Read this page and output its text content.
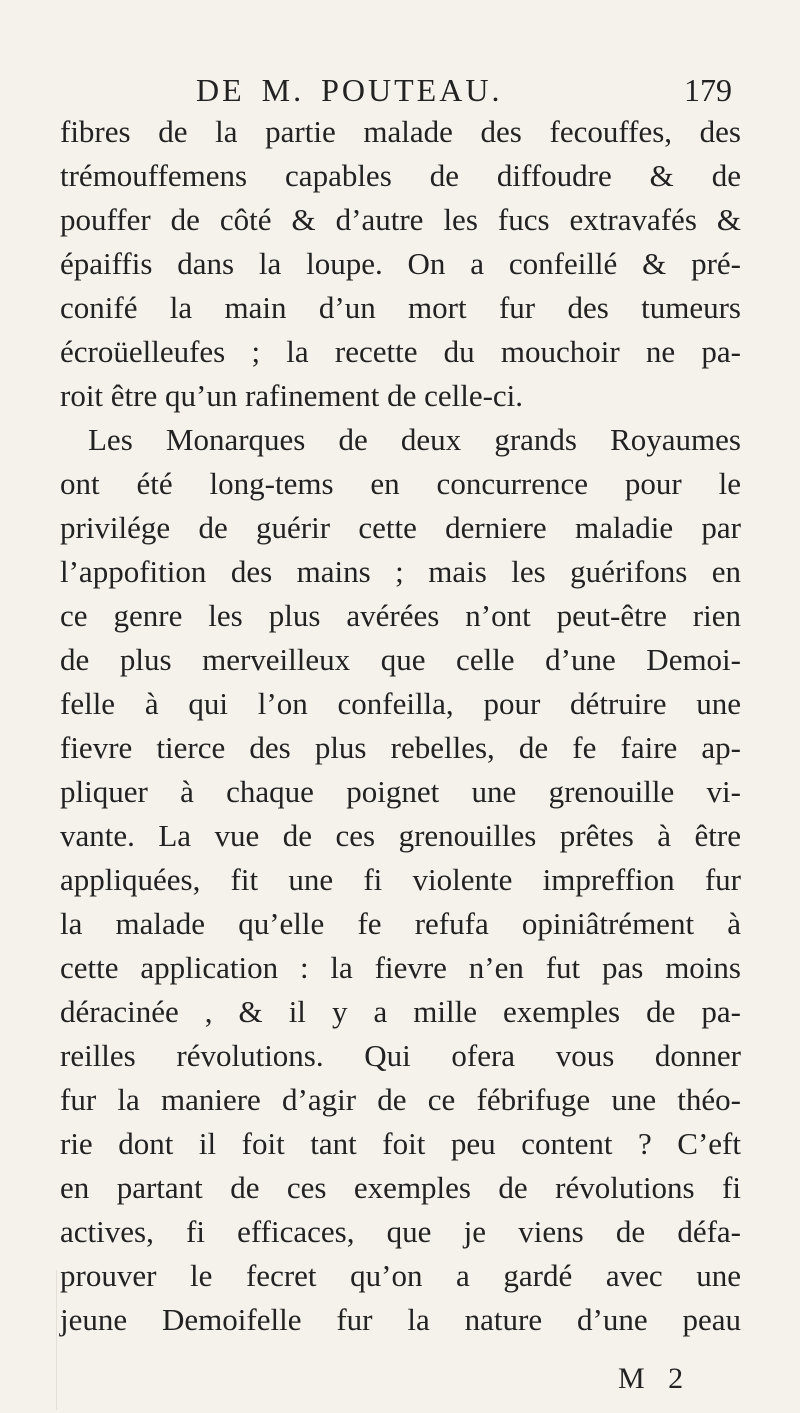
DE M. POUTEAU.	179
fibres de la partie malade des fecouffes, des
trémouffemens capables de diffoudre & de
pouffer de côté & d’autre les fucs extravafés &
épaiffis dans la loupe. On a confeillé & pré-
conifé la main d’un mort fur des tumeurs
écroüelleufes ; la recette du mouchoir ne pa-
roit être qu’un rafinement de celle-ci.
Les Monarques de deux grands Royaumes
ont été long-tems en concurrence pour le
privilége de guérir cette derniere maladie par
l’appofition des mains ; mais les guérifons en
ce genre les plus avérées n’ont peut-être rien
de plus merveilleux que celle d’une Demoi-
felle à qui l’on confeilla, pour détruire une
fievre tierce des plus rebelles, de fe faire ap-
pliquer à chaque poignet une grenouille vi-
vante. La vue de ces grenouilles prêtes à être
appliquées, fit une fi violente impreffion fur
la malade qu’elle fe refufa opiniâtrément à
cette application : la fievre n’en fut pas moins
déracinée , & il y a mille exemples de pa-
reilles révolutions. Qui ofera vous donner
fur la maniere d’agir de ce fébrifuge une théo-
rie dont il foit tant foit peu content ? C’eft
en partant de ces exemples de révolutions fi
actives, fi efficaces, que je viens de défa-
prouver le fecret qu’on a gardé avec une
jeune Demoifelle fur la nature d’une peau
M 2
